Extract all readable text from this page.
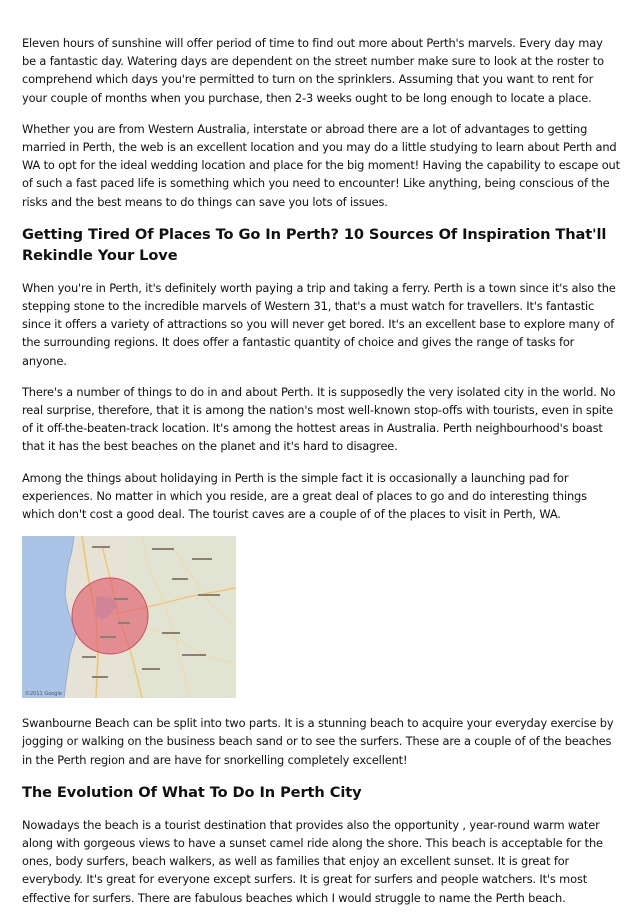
Eleven hours of sunshine will offer period of time to find out more about Perth's marvels. Every day may be a fantastic day. Watering days are dependent on the street number make sure to look at the roster to comprehend which days you're permitted to turn on the sprinklers. Assuming that you want to rent for your couple of months when you purchase, then 2-3 weeks ought to be long enough to locate a place.

Whether you are from Western Australia, interstate or abroad there are a lot of advantages to getting married in Perth, the web is an excellent location and you may do a little studying to learn about Perth and WA to opt for the ideal wedding location and place for the big moment! Having the capability to escape out of such a fast paced life is something which you need to encounter! Like anything, being conscious of the risks and the best means to do things can save you lots of issues.

Getting Tired Of Places To Go In Perth? 10 Sources Of Inspiration That'll Rekindle Your Love

When you're in Perth, it's definitely worth paying a trip and taking a ferry. Perth is a town since it's also the stepping stone to the incredible marvels of Western 31, that's a must watch for travellers. It's fantastic since it offers a variety of attractions so you will never get bored. It's an excellent base to explore many of the surrounding regions. It does offer a fantastic quantity of choice and gives the range of tasks for anyone.

There's a number of things to do in and about Perth. It is supposedly the very isolated city in the world. No real surprise, therefore, that it is among the nation's most well-known stop-offs with tourists, even in spite of it off-the-beaten-track location. It's among the hottest areas in Australia. Perth neighbourhood's boast that it has the best beaches on the planet and it's hard to disagree.

Among the things about holidaying in Perth is the simple fact it is occasionally a launching pad for experiences. No matter in which you reside, are a great deal of places to go and do interesting things which don't cost a good deal. The tourist caves are a couple of of the places to visit in Perth, WA.

©2011 Google

Swanbourne Beach can be split into two parts. It is a stunning beach to acquire your everyday exercise by jogging or walking on the business beach sand or to see the surfers. These are a couple of of the beaches in the Perth region and are have for snorkelling completely excellent!

The Evolution Of What To Do In Perth City

Nowadays the beach is a tourist destination that provides also the opportunity , year-round warm water along with gorgeous views to have a sunset camel ride along the shore. This beach is acceptable for the ones, body surfers, beach walkers, as well as families that enjoy an excellent sunset. It is great for everybody. It's great for everyone except surfers. It is great for surfers and people watchers. It's most effective for surfers. There are fabulous beaches which I would struggle to name the Perth beach.
